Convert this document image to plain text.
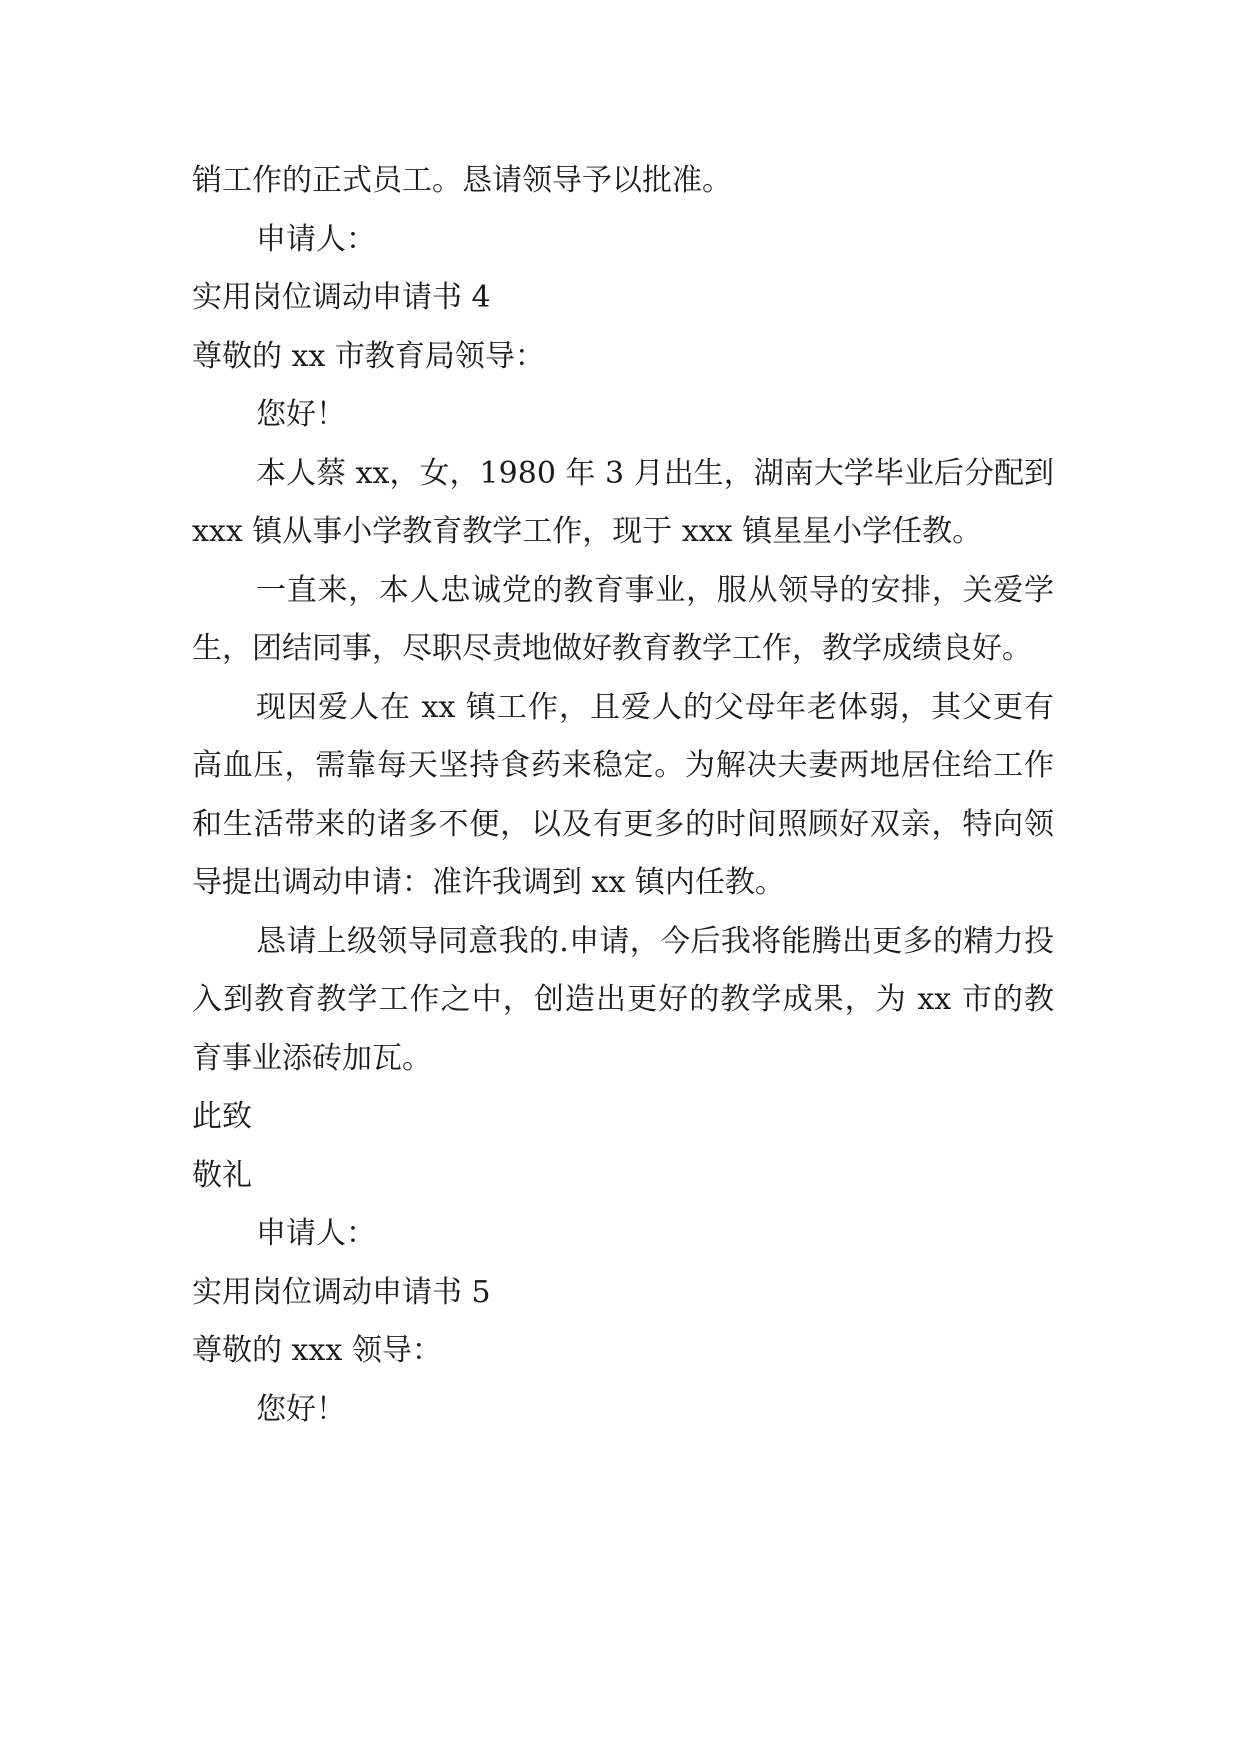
销工作的正式员工。恳请领导予以批准。

申请人：

实用岗位调动申请书 4

尊敬的 xx 市教育局领导：

您好！

本人蔡 xx，女，1980 年 3 月出生，湖南大学毕业后分配到 xxx 镇从事小学教育教学工作，现于 xxx 镇星星小学任教。

一直来，本人忠诚党的教育事业，服从领导的安排，关爱学生，团结同事，尽职尽责地做好教育教学工作，教学成绩良好。

现因爱人在 xx 镇工作，且爱人的父母年老体弱，其父更有高血压，需靠每天坚持食药来稳定。为解决夫妻两地居住给工作和生活带来的诸多不便，以及有更多的时间照顾好双亲，特向领导提出调动申请：准许我调到 xx 镇内任教。

恳请上级领导同意我的.申请，今后我将能腾出更多的精力投入到教育教学工作之中，创造出更好的教学成果，为 xx 市的教育事业添砖加瓦。

此致

敬礼

申请人：

实用岗位调动申请书 5

尊敬的 xxx 领导：

您好！
